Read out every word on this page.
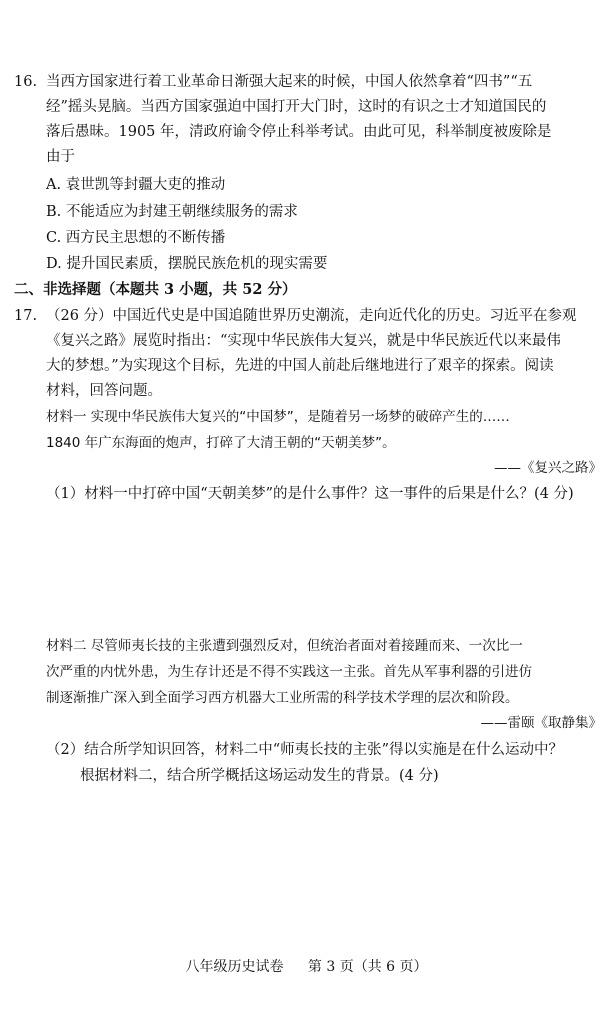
16. 当西方国家进行着工业革命日渐强大起来的时候，中国人依然拿着“四书”“五
经”摇头晃脑。当西方国家强迫中国打开大门时，这时的有识之士才知道国民的
落后愚昧。1905 年，清政府谕令停止科举考试。由此可见，科举制度被废除是
由于
A. 袁世凯等封疆大吏的推动
B. 不能适应为封建王朝继续服务的需求
C. 西方民主思想的不断传播
D. 提升国民素质，摆脱民族危机的现实需要
二、非选择题（本题共 3 小题，共 52 分）
17. （26 分）中国近代史是中国追随世界历史潮流，走向近代化的历史。习近平在参观
《复兴之路》展览时指出：“实现中华民族伟大复兴，就是中华民族近代以来最伟
大的梦想。”为实现这个目标，先进的中国人前赴后继地进行了艰辛的探索。阅读
材料，回答问题。
材料一 实现中华民族伟大复兴的“中国梦”，是随着另一场梦的破碎产生的……
1840 年广东海面的炮声，打碎了大清王朝的“天朝美梦”。
——《复兴之路》
（1）材料一中打碎中国“天朝美梦”的是什么事件？这一事件的后果是什么？(4 分)
材料二 尽管师夷长技的主张遭到强烈反对，但统治者面对着接踵而来、一次比一
次严重的内忧外患，为生存计还是不得不实践这一主张。首先从军事利器的引进仿
制逐渐推广深入到全面学习西方机器大工业所需的科学技术学理的层次和阶段。
——雷颐《取静集》
（2）结合所学知识回答，材料二中“师夷长技的主张”得以实施是在什么运动中？
根据材料二，结合所学概括这场运动发生的背景。(4 分)
八年级历史试卷 第 3 页（共 6 页）
